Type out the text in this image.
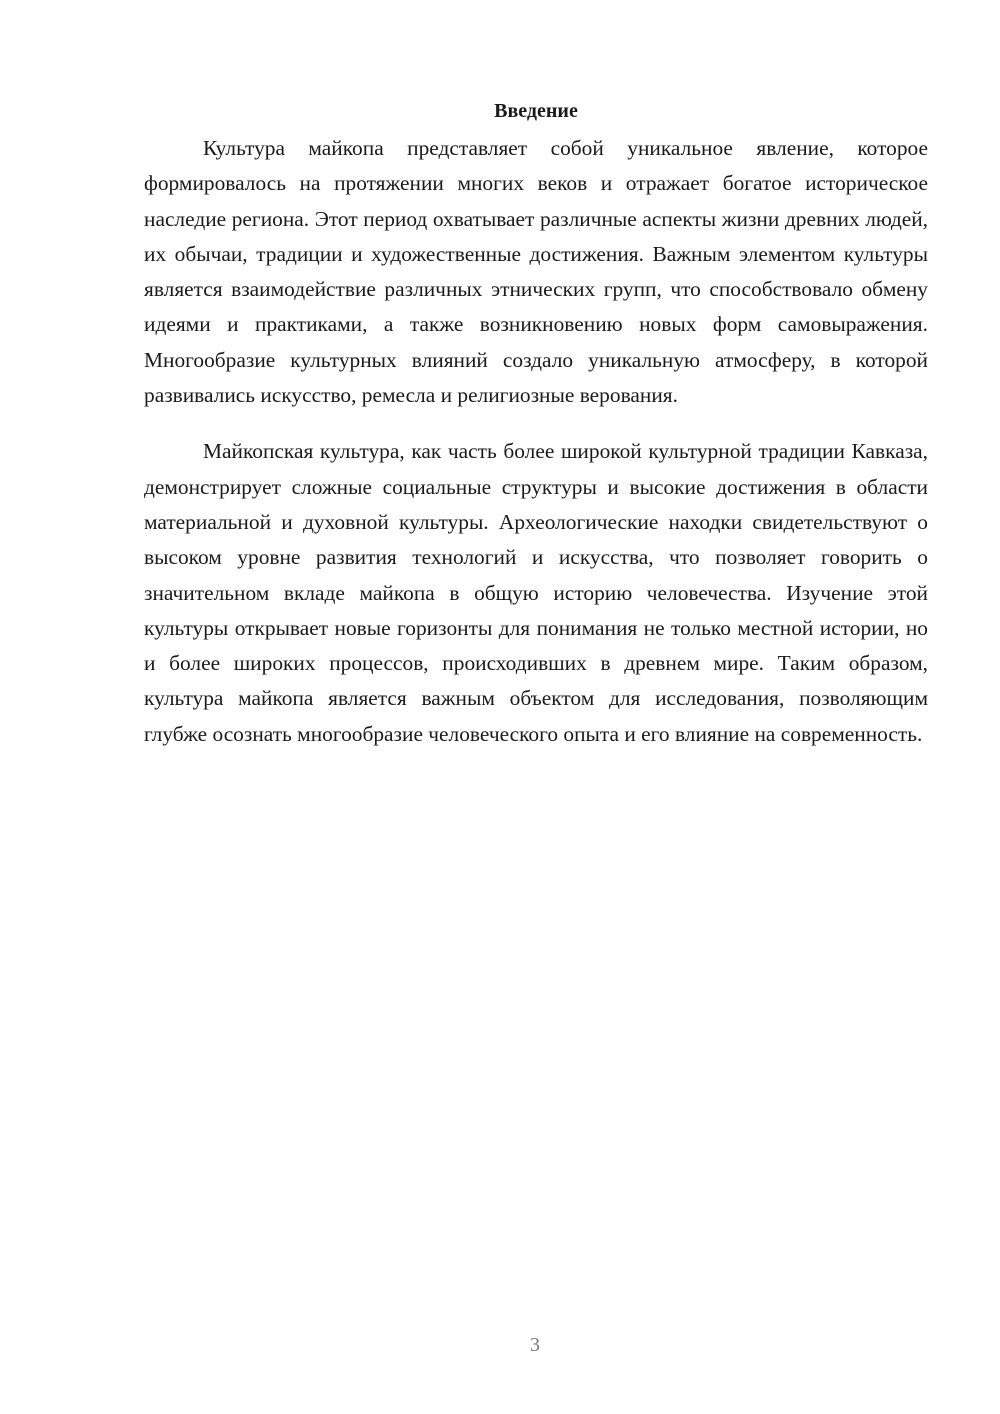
Введение

Культура майкопа представляет собой уникальное явление, которое формировалось на протяжении многих веков и отражает богатое историческое наследие региона. Этот период охватывает различные аспекты жизни древних людей, их обычаи, традиции и художественные достижения. Важным элементом культуры является взаимодействие различных этнических групп, что способствовало обмену идеями и практиками, а также возникновению новых форм самовыражения. Многообразие культурных влияний создало уникальную атмосферу, в которой развивались искусство, ремесла и религиозные верования.

Майкопская культура, как часть более широкой культурной традиции Кавказа, демонстрирует сложные социальные структуры и высокие достижения в области материальной и духовной культуры. Археологические находки свидетельствуют о высоком уровне развития технологий и искусства, что позволяет говорить о значительном вкладе майкопа в общую историю человечества. Изучение этой культуры открывает новые горизонты для понимания не только местной истории, но и более широких процессов, происходивших в древнем мире. Таким образом, культура майкопа является важным объектом для исследования, позволяющим глубже осознать многообразие человеческого опыта и его влияние на современность.

3
